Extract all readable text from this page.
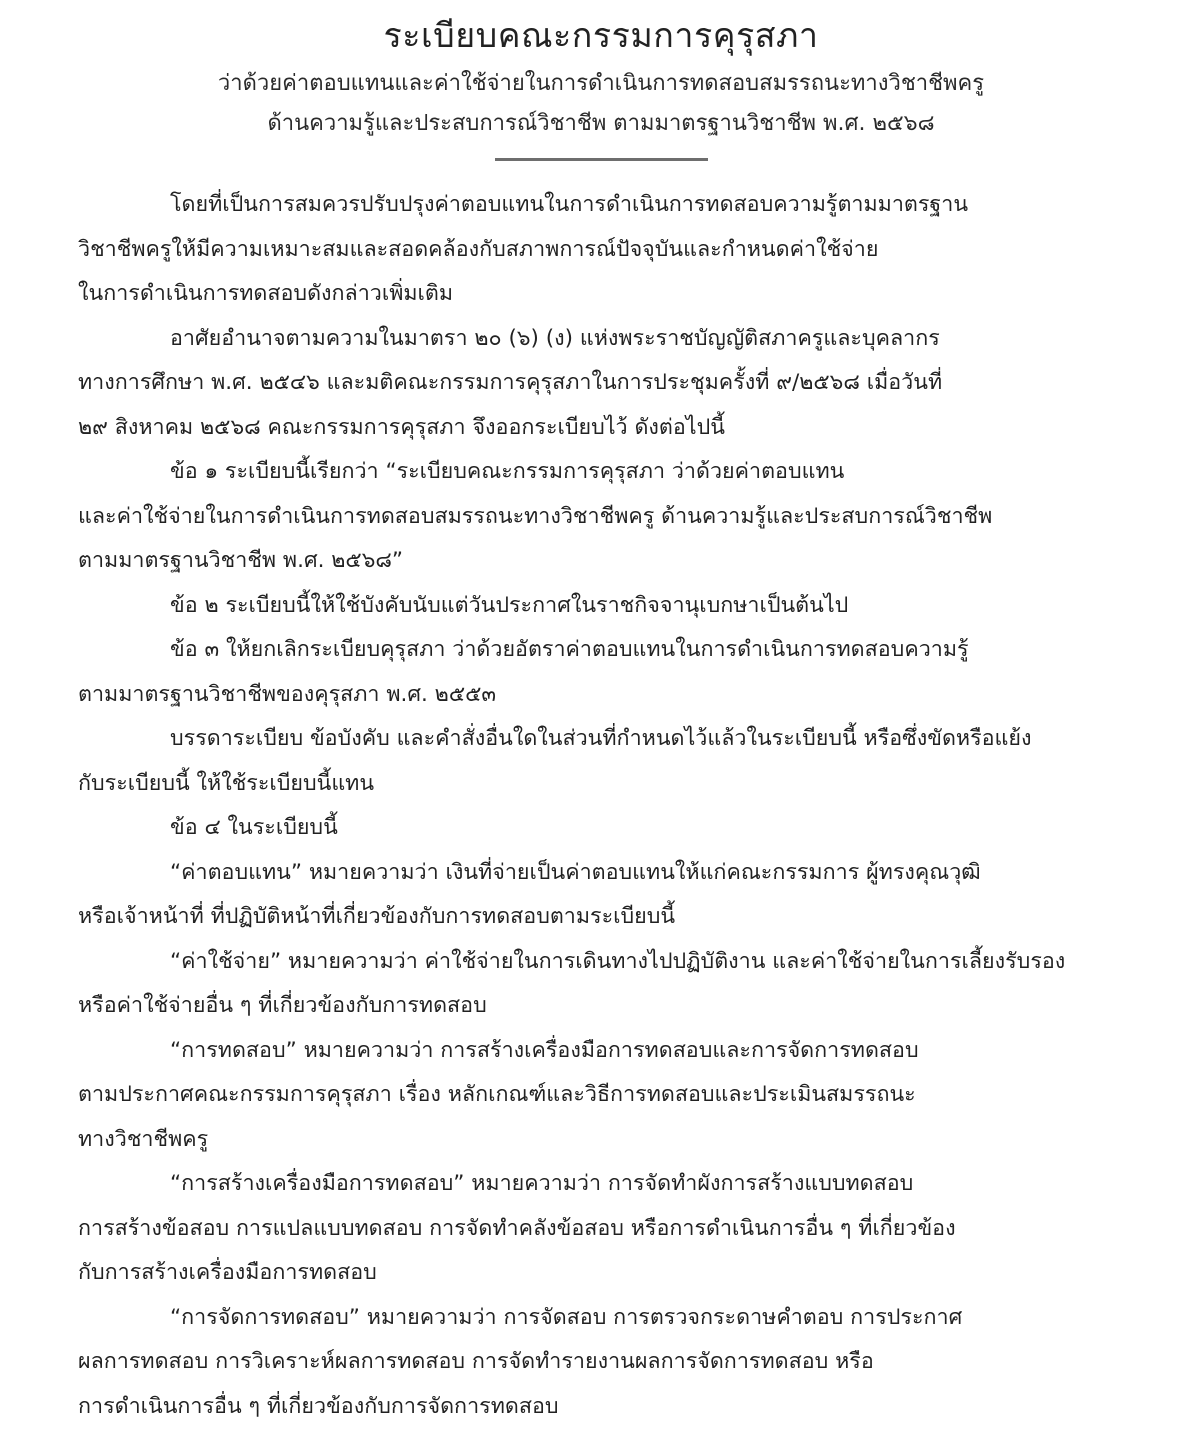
ระเบียบคณะกรรมการคุรุสภา
ว่าด้วยค่าตอบแทนและค่าใช้จ่ายในการดำเนินการทดสอบสมรรถนะทางวิชาชีพครู
ด้านความรู้และประสบการณ์วิชาชีพ ตามมาตรฐานวิชาชีพ พ.ศ. ๒๕๖๘
โดยที่เป็นการสมควรปรับปรุงค่าตอบแทนในการดำเนินการทดสอบความรู้ตามมาตรฐาน
วิชาชีพครูให้มีความเหมาะสมและสอดคล้องกับสภาพการณ์ปัจจุบันและกำหนดค่าใช้จ่าย
ในการดำเนินการทดสอบดังกล่าวเพิ่มเติม
อาศัยอำนาจตามความในมาตรา ๒๐ (๖) (ง) แห่งพระราชบัญญัติสภาครูและบุคลากร
ทางการศึกษา พ.ศ. ๒๕๔๖ และมติคณะกรรมการคุรุสภาในการประชุมครั้งที่ ๙/๒๕๖๘ เมื่อวันที่
๒๙ สิงหาคม ๒๕๖๘ คณะกรรมการคุรุสภา จึงออกระเบียบไว้ ดังต่อไปนี้
ข้อ ๑ ระเบียบนี้เรียกว่า “ระเบียบคณะกรรมการคุรุสภา ว่าด้วยค่าตอบแทน
และค่าใช้จ่ายในการดำเนินการทดสอบสมรรถนะทางวิชาชีพครู ด้านความรู้และประสบการณ์วิชาชีพ
ตามมาตรฐานวิชาชีพ พ.ศ. ๒๕๖๘”
ข้อ ๒ ระเบียบนี้ให้ใช้บังคับนับแต่วันประกาศในราชกิจจานุเบกษาเป็นต้นไป
ข้อ ๓ ให้ยกเลิกระเบียบคุรุสภา ว่าด้วยอัตราค่าตอบแทนในการดำเนินการทดสอบความรู้
ตามมาตรฐานวิชาชีพของคุรุสภา พ.ศ. ๒๕๕๓
บรรดาระเบียบ ข้อบังคับ และคำสั่งอื่นใดในส่วนที่กำหนดไว้แล้วในระเบียบนี้ หรือซึ่งขัดหรือแย้ง
กับระเบียบนี้ ให้ใช้ระเบียบนี้แทน
ข้อ ๔ ในระเบียบนี้
“ค่าตอบแทน” หมายความว่า เงินที่จ่ายเป็นค่าตอบแทนให้แก่คณะกรรมการ ผู้ทรงคุณวุฒิ
หรือเจ้าหน้าที่ ที่ปฏิบัติหน้าที่เกี่ยวข้องกับการทดสอบตามระเบียบนี้
“ค่าใช้จ่าย” หมายความว่า ค่าใช้จ่ายในการเดินทางไปปฏิบัติงาน และค่าใช้จ่ายในการเลี้ยงรับรอง
หรือค่าใช้จ่ายอื่น ๆ ที่เกี่ยวข้องกับการทดสอบ
“การทดสอบ” หมายความว่า การสร้างเครื่องมือการทดสอบและการจัดการทดสอบ
ตามประกาศคณะกรรมการคุรุสภา เรื่อง หลักเกณฑ์และวิธีการทดสอบและประเมินสมรรถนะ
ทางวิชาชีพครู
“การสร้างเครื่องมือการทดสอบ” หมายความว่า การจัดทำผังการสร้างแบบทดสอบ
การสร้างข้อสอบ การแปลแบบทดสอบ การจัดทำคลังข้อสอบ หรือการดำเนินการอื่น ๆ ที่เกี่ยวข้อง
กับการสร้างเครื่องมือการทดสอบ
“การจัดการทดสอบ” หมายความว่า การจัดสอบ การตรวจกระดาษคำตอบ การประกาศ
ผลการทดสอบ การวิเคราะห์ผลการทดสอบ การจัดทำรายงานผลการจัดการทดสอบ หรือ
การดำเนินการอื่น ๆ ที่เกี่ยวข้องกับการจัดการทดสอบ
